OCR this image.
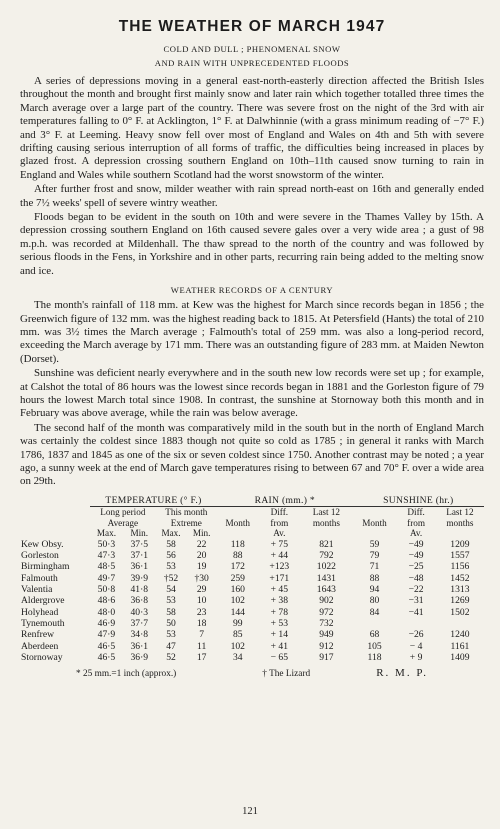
THE WEATHER OF MARCH 1947
COLD AND DULL ; PHENOMENAL SNOW
AND RAIN WITH UNPRECEDENTED FLOODS

A series of depressions moving in a general east-north-easterly direction affected the British Isles throughout the month and brought first mainly snow and later rain which together totalled three times the March average over a large part of the country. There was severe frost on the night of the 3rd with air temperatures falling to 0° F. at Acklington, 1° F. at Dalwhinnie (with a grass minimum reading of −7° F.) and 3° F. at Leeming. Heavy snow fell over most of England and Wales on 4th and 5th with severe drifting causing serious interruption of all forms of traffic, the difficulties being increased in places by glazed frost. A depression crossing southern England on 10th–11th caused snow turning to rain in England and Wales while southern Scotland had the worst snowstorm of the winter.

After further frost and snow, milder weather with rain spread north-east on 16th and generally ended the 7½ weeks' spell of severe wintry weather.

Floods began to be evident in the south on 10th and were severe in the Thames Valley by 15th. A depression crossing southern England on 16th caused severe gales over a very wide area ; a gust of 98 m.p.h. was recorded at Mildenhall. The thaw spread to the north of the country and was followed by serious floods in the Fens, in Yorkshire and in other parts, recurring rain being added to the melting snow and ice.

WEATHER RECORDS OF A CENTURY

The month's rainfall of 118 mm. at Kew was the highest for March since records began in 1856 ; the Greenwich figure of 132 mm. was the highest reading back to 1815. At Petersfield (Hants) the total of 210 mm. was 3½ times the March average ; Falmouth's total of 259 mm. was also a long-period record, exceeding the March average by 171 mm. There was an outstanding figure of 283 mm. at Maiden Newton (Dorset).

Sunshine was deficient nearly everywhere and in the south new low records were set up ; for example, at Calshot the total of 86 hours was the lowest since records began in 1881 and the Gorleston figure of 79 hours the lowest March total since 1908. In contrast, the sunshine at Stornoway both this month and in February was above average, while the rain was below average.

The second half of the month was comparatively mild in the south but in the north of England March was certainly the coldest since 1883 though not quite so cold as 1785 ; in general it ranks with March 1786, 1837 and 1845 as one of the six or seven coldest since 1750. Another contrast may be noted ; a year ago, a sunny week at the end of March gave temperatures rising to between 67 and 70° F. over a wide area on 29th.

	TEMPERATURE (° F.)				RAIN (mm.) *			SUNSHINE (hr.)		

	Long period		This month			Diff.	Last 12		Diff.	Last 12
	Average		Extreme		Month	from	months	Month	from	months
	Max.	Min.	Max.	Min.		Av.			Av.	
Kew Obsy.	50·3	37·5	58	22	118	+ 75	821	59	−49	1209
Gorleston	47·3	37·1	56	20	88	+ 44	792	79	−49	1557
Birmingham	48·5	36·1	53	19	172	+123	1022	71	−25	1156
Falmouth	49·7	39·9	†52	†30	259	+171	1431	88	−48	1452
Valentia	50·8	41·8	54	29	160	+ 45	1643	94	−22	1313
Aldergrove	48·6	36·8	53	10	102	+ 38	902	80	−31	1269
Holyhead	48·0	40·3	58	23	144	+ 78	972	84	−41	1502
Tynemouth	46·9	37·7	50	18	99	+ 53	732			
Renfrew	47·9	34·8	53	7	85	+ 14	949	68	−26	1240
Aberdeen	46·5	36·1	47	11	102	+ 41	912	105	− 4	1161
Stornoway	46·5	36·9	52	17	34	− 65	917	118	+ 9	1409
* 25 mm.=1 inch (approx.)	† The Lizard	R. M. P.
121
